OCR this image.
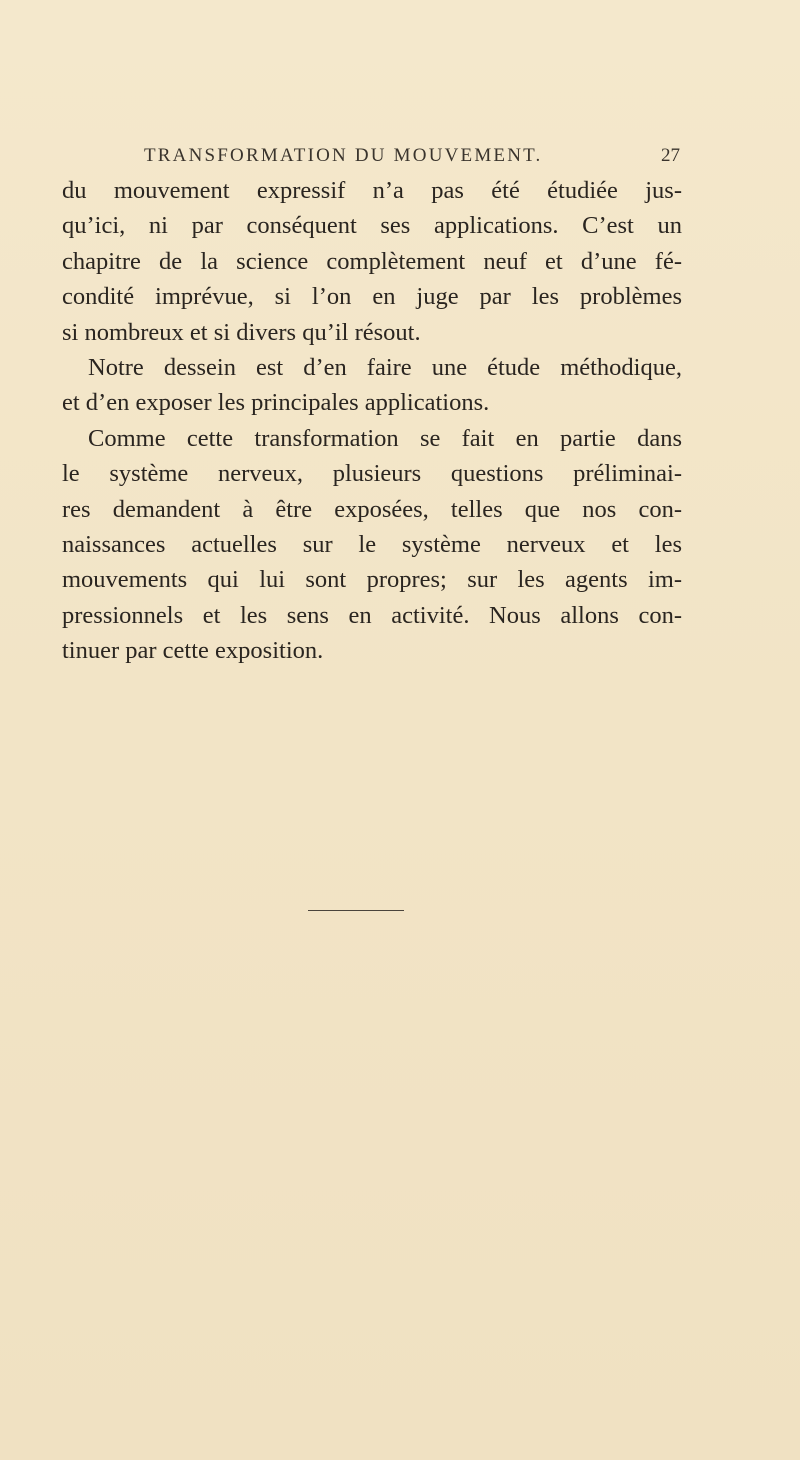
TRANSFORMATION DU MOUVEMENT.	27
du mouvement expressif n’a pas été étudiée jus-
qu’ici, ni par conséquent ses applications. C’est un
chapitre de la science complètement neuf et d’une fé-
condité imprévue, si l’on en juge par les problèmes
si nombreux et si divers qu’il résout.
Notre dessein est d’en faire une étude méthodique,
et d’en exposer les principales applications.
Comme cette transformation se fait en partie dans
le système nerveux, plusieurs questions préliminai-
res demandent à être exposées, telles que nos con-
naissances actuelles sur le système nerveux et les
mouvements qui lui sont propres; sur les agents im-
pressionnels et les sens en activité. Nous allons con-
tinuer par cette exposition.
